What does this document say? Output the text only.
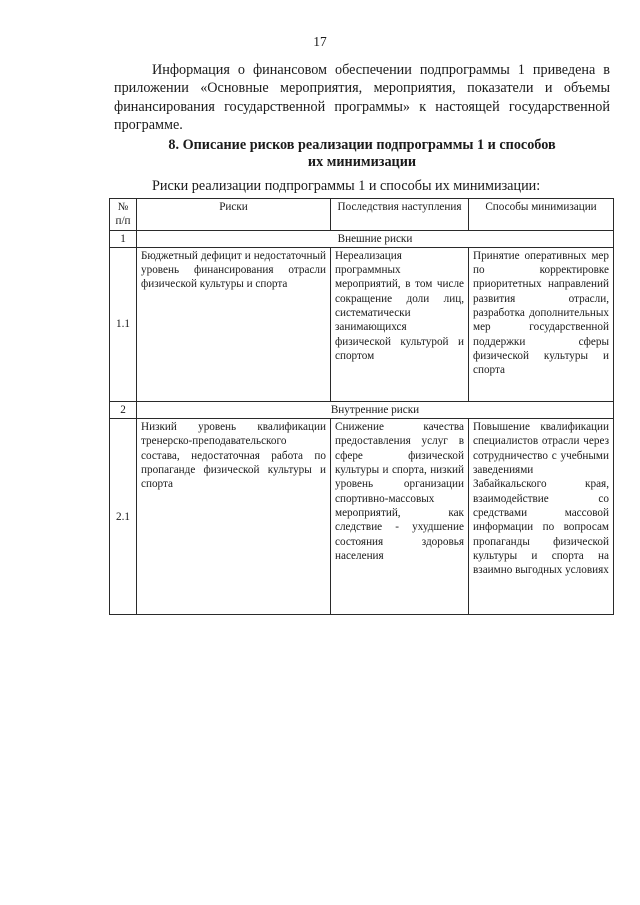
17

Информация о финансовом обеспечении подпрограммы 1 приведена в приложении «Основные мероприятия, мероприятия, показатели и объемы финансирования государственной программы» к настоящей государственной программе.

8. Описание рисков реализации подпрограммы 1 и способов
их минимизации

Риски реализации подпрограммы 1 и способы их минимизации:

№ п/п	Риски	Последствия наступления	Способы минимизации
1	Внешние риски		
1.1	Бюджетный дефицит и недостаточный уровень финансирования отрасли физической культуры и спорта	Нереализация программных мероприятий, в том числе сокращение доли лиц, систематически занимающихся физической культурой и спортом	Принятие оперативных мер по корректировке приоритетных направлений развития отрасли, разработка дополнительных мер государственной поддержки сферы физической культуры и спорта
2	Внутренние риски		
2.1	Низкий уровень квалификации тренерско-преподавательского состава, недостаточная работа по пропаганде физической культуры и спорта	Снижение качества предоставления услуг в сфере физической культуры и спорта, низкий уровень организации спортивно-массовых мероприятий, как следствие - ухудшение состояния здоровья населения	Повышение квалификации специалистов отрасли через сотрудничество с учебными заведениями Забайкальского края, взаимодействие со средствами массовой информации по вопросам пропаганды физической культуры и спорта на взаимно выгодных условиях
